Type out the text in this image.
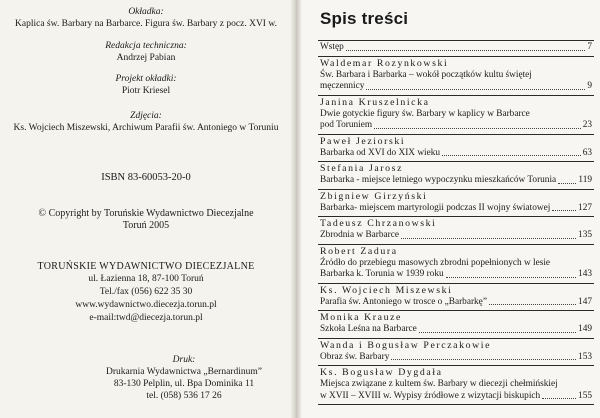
Okładka:
Kaplica św. Barbary na Barbarce. Figura św. Barbary z pocz. XVI w.
Redakcja techniczna:
Andrzej Pabian
Projekt okładki:
Piotr Kriesel
Zdjęcia:
Ks. Wojciech Miszewski, Archiwum Parafii św. Antoniego w Toruniu
ISBN 83-60053-20-0
© Copyright by Toruńskie Wydawnictwo Diecezjalne
Toruń 2005
TORUŃSKIE WYDAWNICTWO DIECEZJALNE
ul. Łazienna 18, 87-100 Toruń
Tel./fax (056) 622 35 30
www.wydawnictwo.diecezja.torun.pl
e-mail:twd@diecezja.torun.pl
Druk:
Drukarnia Wydawnictwa „Bernardinum”
83-130 Pelplin, ul. Bpa Dominika 11
tel. (058) 536 17 26
Spis treści
Wstęp	7
Waldemar Rozynkowski
Św. Barbara i Barbarka – wokół początków kultu świętej
męczennicy	9
Janina Kruszelnicka
Dwie gotyckie figury św. Barbary w kaplicy w Barbarce
pod Toruniem	23
Paweł Jeziorski
Barbarka od XVI do XIX wieku	63
Stefania Jarosz
Barbarka - miejsce letniego wypoczynku mieszkańców Torunia 119
Zbigniew Girzyński
Barbarka- miejscem martyrologii podczas II wojny światowej	127
Tadeusz Chrzanowski
Zbrodnia w Barbarce	135
Robert Zadura
Źródło do przebiegu masowych zbrodni popełnionych w lesie
Barbarka k. Torunia w 1939 roku	143
Ks. Wojciech Miszewski
Parafia św. Antoniego w trosce o „Barbarkę”	147
Monika Krauze
Szkoła Leśna na Barbarce	149
Wanda i Bogusław Perczakowie
Obraz św. Barbary	153
Ks. Bogusław Dygdała
Miejsca związane z kultem św. Barbary w diecezji chełmińskiej
w XVII – XVIII w. Wypisy źródłowe z wizytacji biskupich	155
